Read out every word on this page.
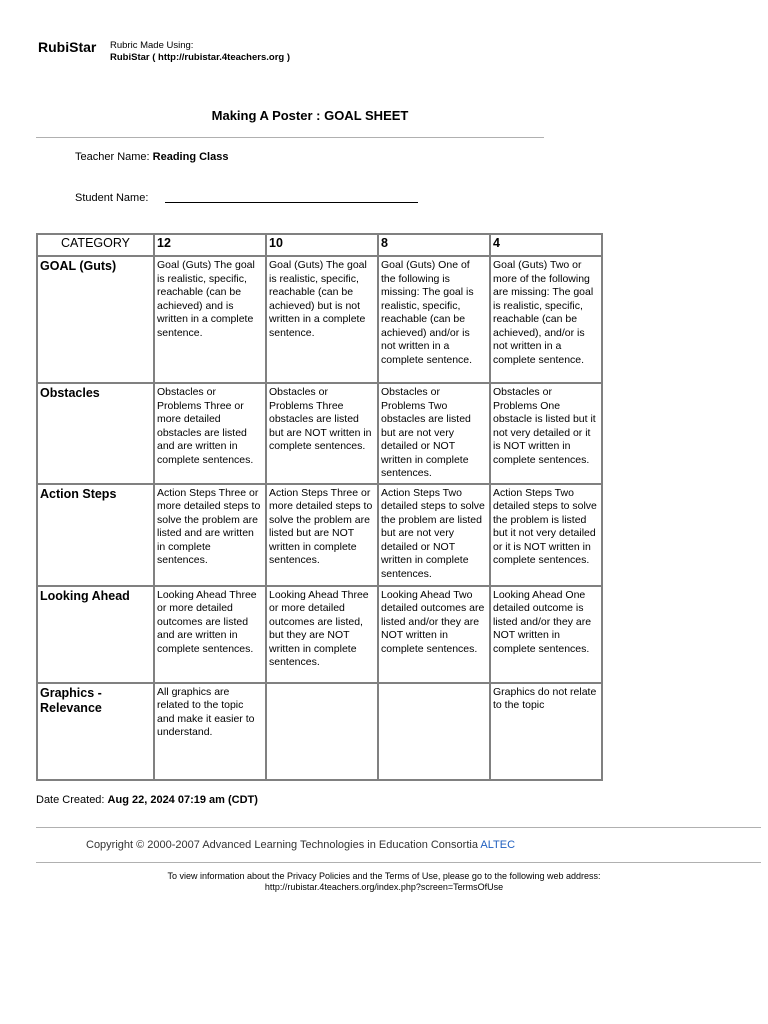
RubiStar Rubric Made Using:
RubiStar ( http://rubistar.4teachers.org )
Making A Poster : GOAL SHEET
Teacher Name: Reading Class
Student Name:
CATEGORY	12	10	8	4
GOAL (Guts)	Goal (Guts) The goal is realistic, specific, reachable (can be achieved) and is written in a complete sentence.	Goal (Guts) The goal is realistic, specific, reachable (can be achieved) but is not written in a complete sentence.	Goal (Guts) One of the following is missing: The goal is realistic, specific, reachable (can be achieved) and/or is not written in a complete sentence.	Goal (Guts) Two or more of the following are missing: The goal is realistic, specific, reachable (can be achieved), and/or is not written in a complete sentence.
Obstacles	Obstacles or Problems Three or more detailed obstacles are listed and are written in complete sentences.	Obstacles or Problems Three obstacles are listed but are NOT written in complete sentences.	Obstacles or Problems Two obstacles are listed but are not very detailed or NOT written in complete sentences.	Obstacles or Problems One obstacle is listed but it not very detailed or it is NOT written in complete sentences.
Action Steps	Action Steps Three or more detailed steps to solve the problem are listed and are written in complete sentences.	Action Steps Three or more detailed steps to solve the problem are listed but are NOT written in complete sentences.	Action Steps Two detailed steps to solve the problem are listed but are not very detailed or NOT written in complete sentences.	Action Steps Two detailed steps to solve the problem is listed but it not very detailed or it is NOT written in complete sentences.
Looking Ahead	Looking Ahead Three or more detailed outcomes are listed and are written in complete sentences.	Looking Ahead Three or more detailed outcomes are listed, but they are NOT written in complete sentences.	Looking Ahead Two detailed outcomes are listed and/or they are NOT written in complete sentences.	Looking Ahead One detailed outcome is listed and/or they are NOT written in complete sentences.
Graphics - Relevance	All graphics are related to the topic and make it easier to understand.			Graphics do not relate to the topic
Date Created: Aug 22, 2024 07:19 am (CDT)
Copyright © 2000-2007 Advanced Learning Technologies in Education Consortia ALTEC
To view information about the Privacy Policies and the Terms of Use, please go to the following web address:
http://rubistar.4teachers.org/index.php?screen=TermsOfUse
